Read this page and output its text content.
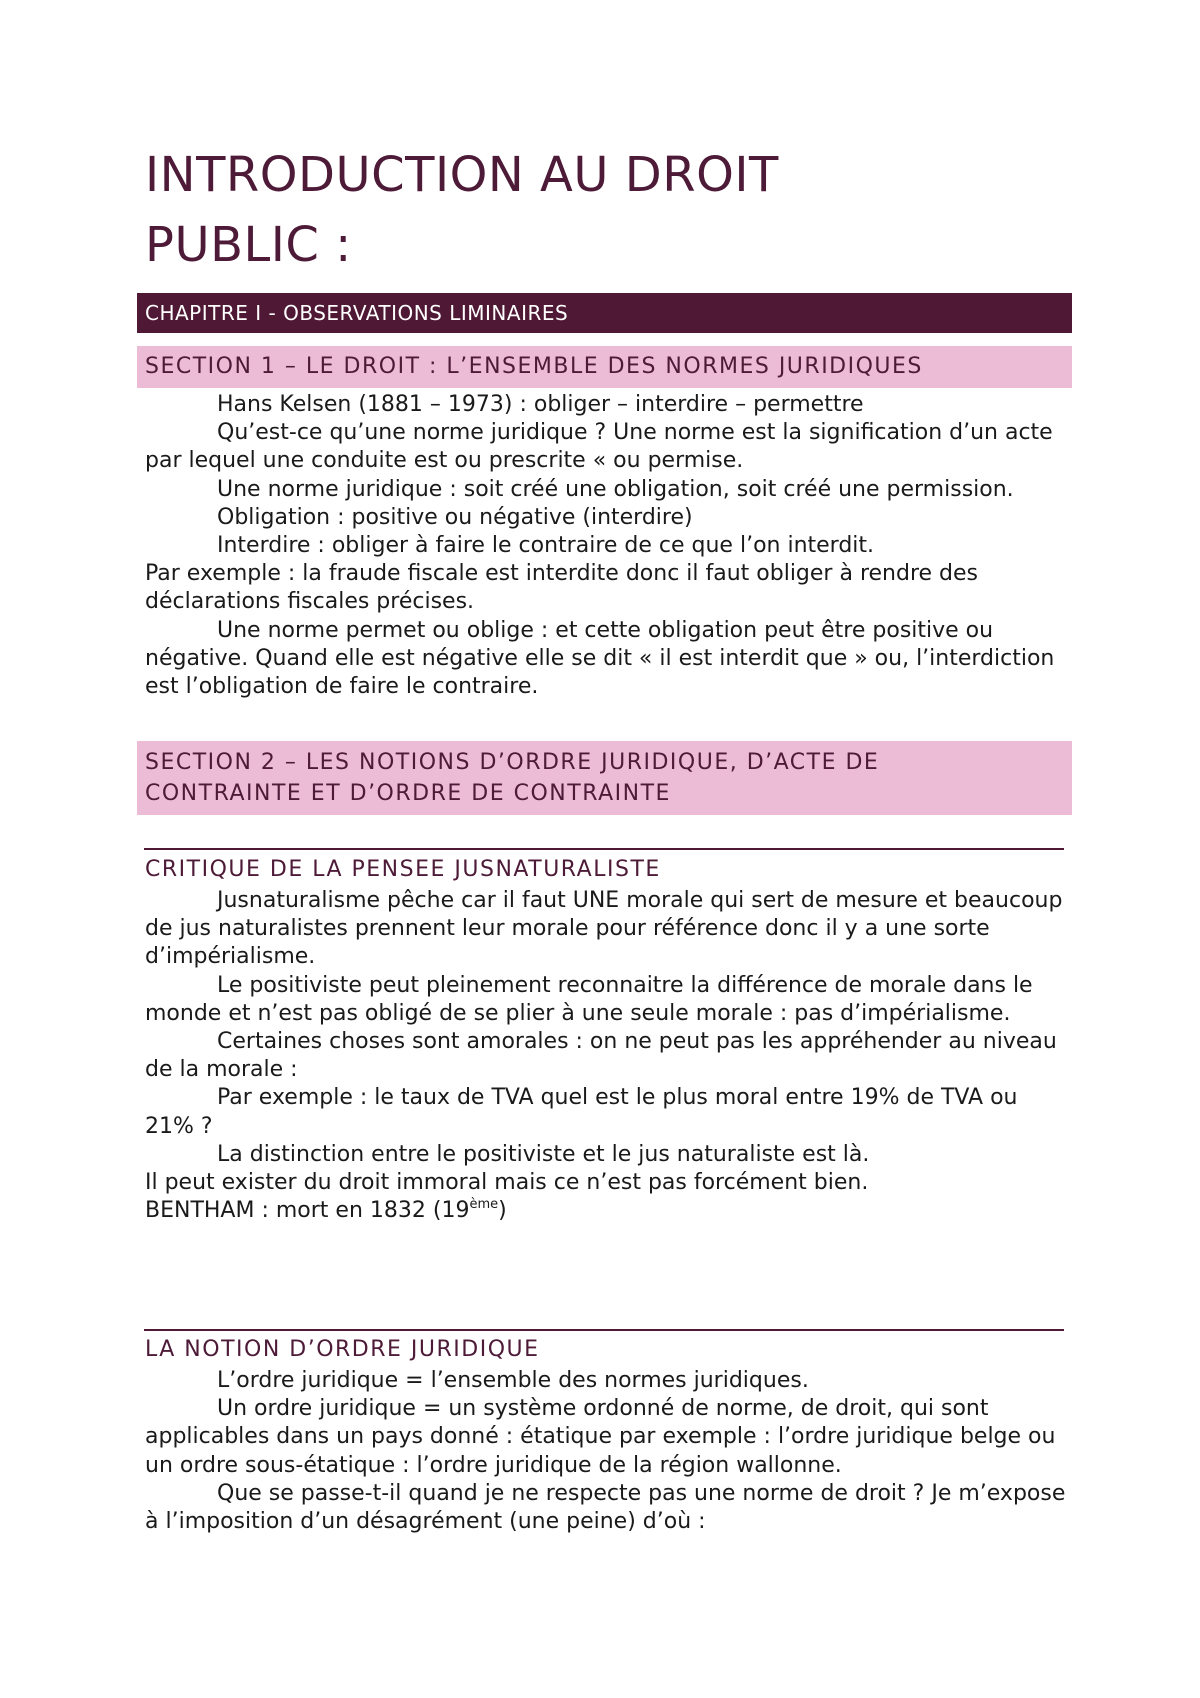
INTRODUCTION AU DROIT
PUBLIC :
CHAPITRE I - OBSERVATIONS LIMINAIRES
SECTION 1 – LE DROIT : L’ENSEMBLE DES NORMES JURIDIQUES

Hans Kelsen (1881 – 1973) : obliger – interdire – permettre

Qu’est-ce qu’une norme juridique ? Une norme est la signification d’un acte par lequel une conduite est ou prescrite « ou permise.

Une norme juridique : soit créé une obligation, soit créé une permission.

Obligation : positive ou négative (interdire)

Interdire : obliger à faire le contraire de ce que l’on interdit.

Par exemple : la fraude fiscale est interdite donc il faut obliger à rendre des déclarations fiscales précises.

Une norme permet ou oblige : et cette obligation peut être positive ou négative. Quand elle est négative elle se dit « il est interdit que » ou, l’interdiction est l’obligation de faire le contraire.

SECTION 2 – LES NOTIONS D’ORDRE JURIDIQUE, D’ACTE DE
CONTRAINTE ET D’ORDRE DE CONTRAINTE
CRITIQUE DE LA PENSEE JUSNATURALISTE

Jusnaturalisme pêche car il faut UNE morale qui sert de mesure et beaucoup de jus naturalistes prennent leur morale pour référence donc il y a une sorte d’impérialisme.

Le positiviste peut pleinement reconnaitre la différence de morale dans le monde et n’est pas obligé de se plier à une seule morale : pas d’impérialisme.

Certaines choses sont amorales : on ne peut pas les appréhender au niveau de la morale :

Par exemple : le taux de TVA quel est le plus moral entre 19% de TVA ou 21% ?

La distinction entre le positiviste et le jus naturaliste est là.

Il peut exister du droit immoral mais ce n’est pas forcément bien.

BENTHAM : mort en 1832 (19ème)

LA NOTION D’ORDRE JURIDIQUE

L’ordre juridique = l’ensemble des normes juridiques.

Un ordre juridique = un système ordonné de norme, de droit, qui sont applicables dans un pays donné : étatique par exemple : l’ordre juridique belge ou un ordre sous-étatique : l’ordre juridique de la région wallonne.

Que se passe-t-il quand je ne respecte pas une norme de droit ? Je m’expose à l’imposition d’un désagrément (une peine) d’où :
